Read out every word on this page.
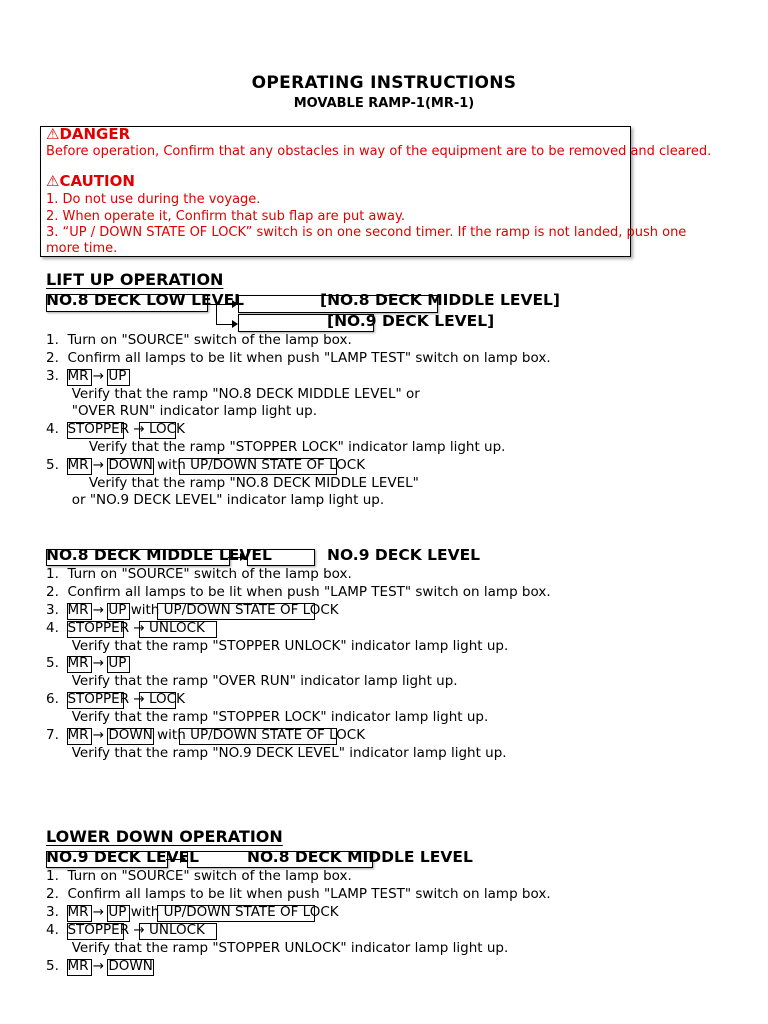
OPERATING INSTRUCTIONS
MOVABLE RAMP-1(MR-1)
⚠DANGER
Before operation, Confirm that any obstacles in way of the equipment are to be removed and cleared.
⚠CAUTION
1. Do not use during the voyage.
2. When operate it, Confirm that sub flap are put away.
3. “UP / DOWN STATE OF LOCK” switch is on one second timer. If the ramp is not landed, push one
more time.
LIFT UP OPERATION
NO.8 DECK LOW LEVEL	[NO.8 DECK MIDDLE LEVEL]
[NO.9 DECK LEVEL]
1.  Turn on "SOURCE" switch of the lamp box.
2.  Confirm all lamps to be lit when push "LAMP TEST" switch on lamp box.
3.  MR → UP
Verify that the ramp "NO.8 DECK MIDDLE LEVEL" or
"OVER RUN" indicator lamp light up.
4.  STOPPER → LOCK
Verify that the ramp "STOPPER LOCK" indicator lamp light up.
5.  MR → DOWN with UP/DOWN STATE OF LOCK
Verify that the ramp "NO.8 DECK MIDDLE LEVEL"
or "NO.9 DECK LEVEL" indicator lamp light up.
NO.8 DECK MIDDLE LEVEL	NO.9 DECK LEVEL
1.  Turn on "SOURCE" switch of the lamp box.
2.  Confirm all lamps to be lit when push "LAMP TEST" switch on lamp box.
3.  MR → UP with UP/DOWN STATE OF LOCK
4.  STOPPER → UNLOCK
Verify that the ramp "STOPPER UNLOCK" indicator lamp light up.
5.  MR → UP
Verify that the ramp "OVER RUN" indicator lamp light up.
6.  STOPPER → LOCK
Verify that the ramp "STOPPER LOCK" indicator lamp light up.
7.  MR → DOWN with UP/DOWN STATE OF LOCK
Verify that the ramp "NO.9 DECK LEVEL" indicator lamp light up.
LOWER DOWN OPERATION
NO.9 DECK LEVEL	NO.8 DECK MIDDLE LEVEL
1.  Turn on "SOURCE" switch of the lamp box.
2.  Confirm all lamps to be lit when push "LAMP TEST" switch on lamp box.
3.  MR → UP with UP/DOWN STATE OF LOCK
4.  STOPPER → UNLOCK
Verify that the ramp "STOPPER UNLOCK" indicator lamp light up.
5.  MR → DOWN
